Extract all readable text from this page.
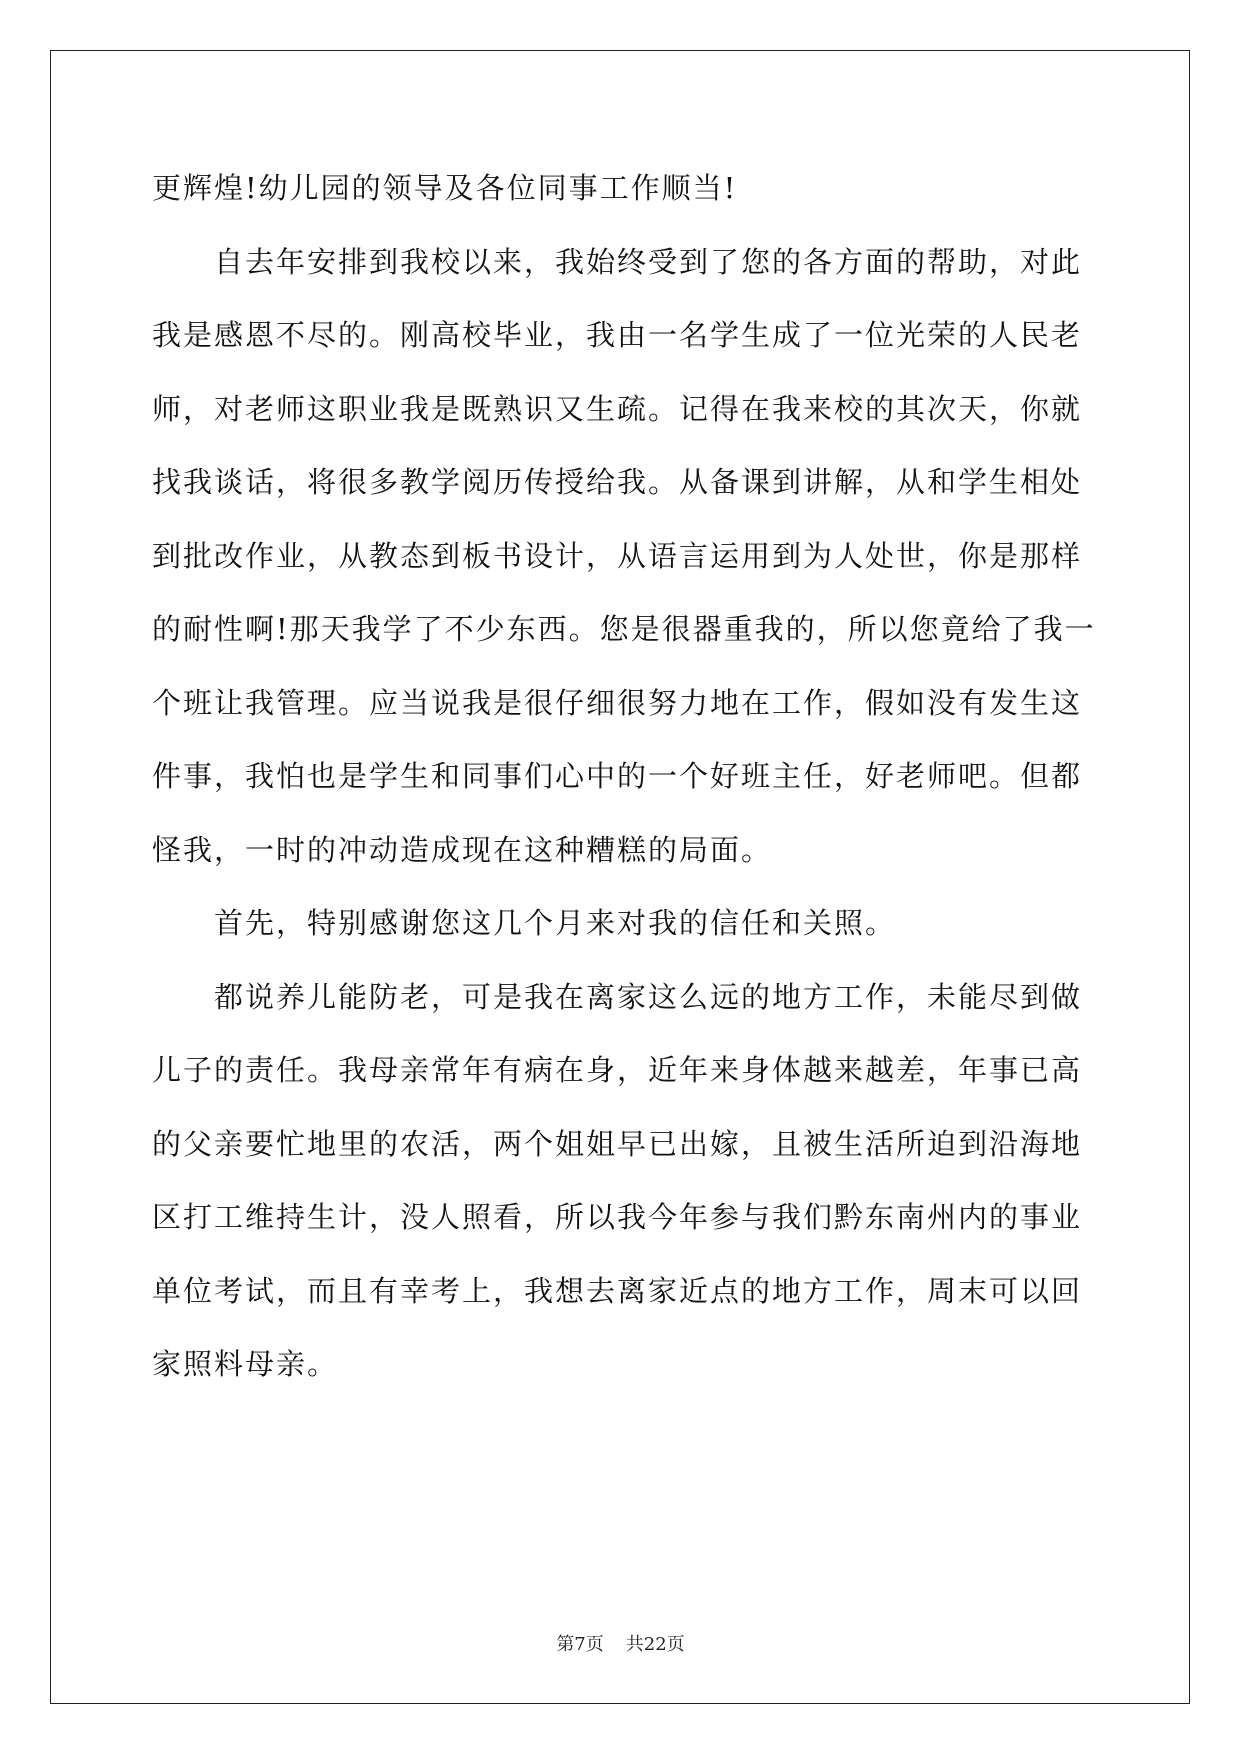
更辉煌!幼儿园的领导及各位同事工作顺当!
自去年安排到我校以来，我始终受到了您的各方面的帮助，对此
我是感恩不尽的。刚高校毕业，我由一名学生成了一位光荣的人民老
师，对老师这职业我是既熟识又生疏。记得在我来校的其次天，你就
找我谈话，将很多教学阅历传授给我。从备课到讲解，从和学生相处
到批改作业，从教态到板书设计，从语言运用到为人处世，你是那样
的耐性啊!那天我学了不少东西。您是很器重我的，所以您竟给了我一
个班让我管理。应当说我是很仔细很努力地在工作，假如没有发生这
件事，我怕也是学生和同事们心中的一个好班主任，好老师吧。但都
怪我，一时的冲动造成现在这种糟糕的局面。
首先，特别感谢您这几个月来对我的信任和关照。
都说养儿能防老，可是我在离家这么远的地方工作，未能尽到做
儿子的责任。我母亲常年有病在身，近年来身体越来越差，年事已高
的父亲要忙地里的农活，两个姐姐早已出嫁，且被生活所迫到沿海地
区打工维持生计，没人照看，所以我今年参与我们黔东南州内的事业
单位考试，而且有幸考上，我想去离家近点的地方工作，周末可以回
家照料母亲。
第7页 共22页
